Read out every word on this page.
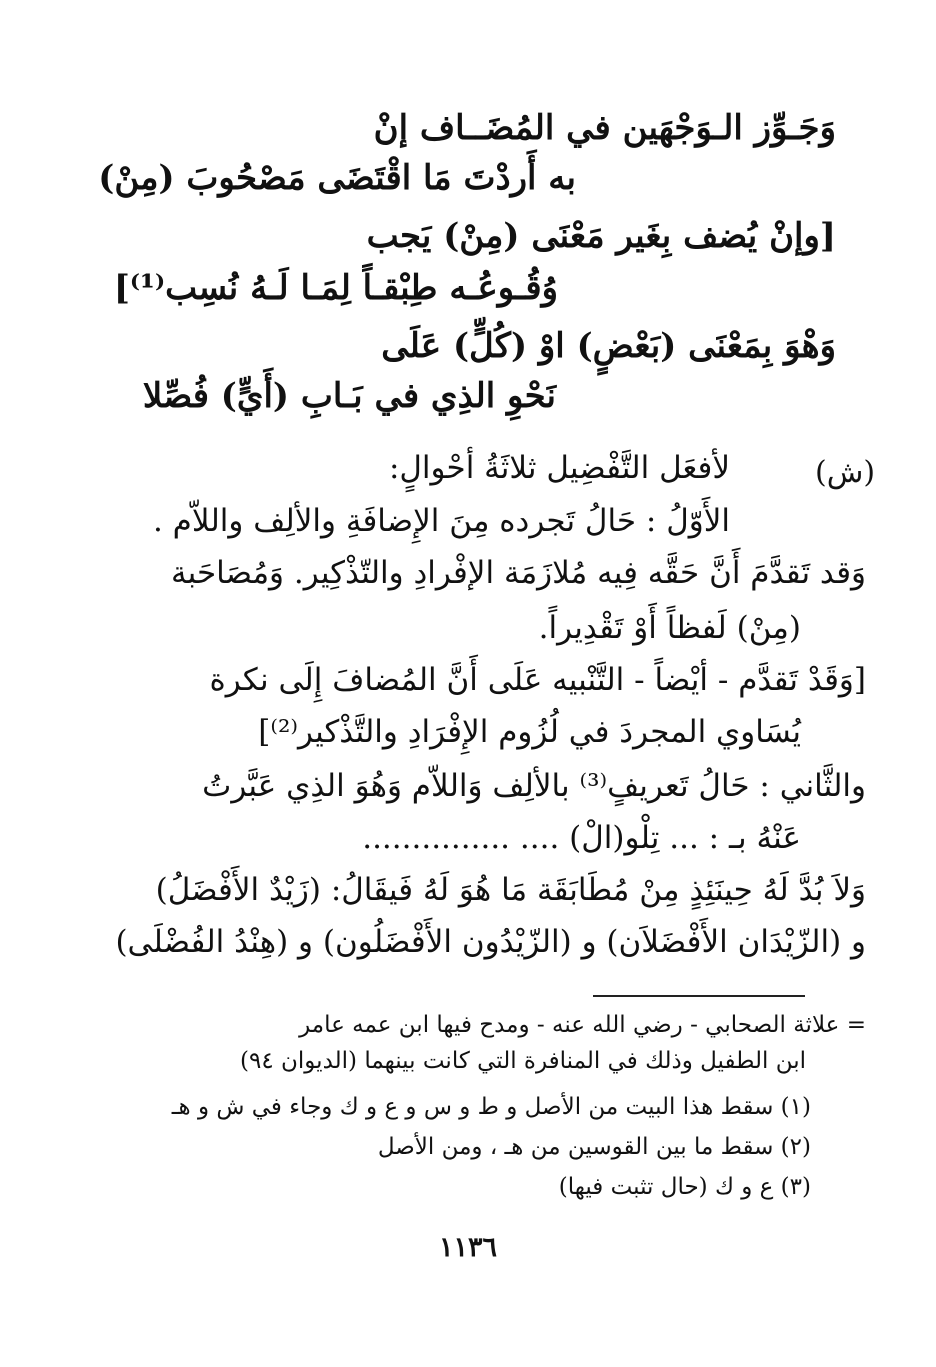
وَجَـوِّز الـوَجْهَين في المُضَــاف إنْ
به أَردْتَ مَا اقْتَضَى مَصْحُوبَ (مِنْ)
[وإنْ يُضف بِغَير مَعْنَى (مِنْ) يَجب
وُقُـوعُـه طِبْقـاً لِمَـا لَـهُ نُسِب⁽¹⁾]
وَهْوَ بِمَعْنَى (بَعْضٍ) اوْ (كُلٍّ) عَلَى
نَحْوِ الذِي في بَـابِ (أَيٍّ) فُصِّلا
(ش)
لأفعَل التَّفْضِيل ثلاثَةُ أحْوالٍ:
الأَوّلُ : حَالُ تَجرده مِنَ الإِضافَةِ والألِف واللاّم .
وَقد تَقدَّمَ أَنَّ حَقَّه فِيه مُلازَمَة الإفْرادِ والتّذْكِير. وَمُصَاحَبة
(مِنْ) لَفظاً أَوْ تَقْدِيراً.
[وَقَدْ تَقدَّم - أيْضاً - التَّنْبيه عَلَى أَنَّ المُضافَ إِلَى نكرة
يُسَاوي المجردَ في لُزُوم الإِفْرَادِ والتَّذْكير⁽²⁾]
والثَّاني : حَالُ تَعريفٍ⁽³⁾ بالألِف وَاللاّم وَهُوَ الذِي عَبَّرتُ
عَنْهُ بـ : ... تِلْو(الْ) .... ...............
وَلاَ بُدَّ لَهُ حِينَئِذٍ مِنْ مُطَابَقَة مَا هُوَ لَهُ فَيقَالُ: (زَيْدٌ الأَفْضَلُ)
و (الزّيْدَان الأَفْضَلاَن) و (الزّيْدُون الأَفْضَلُون) و (هِنْدُ الفُضْلَى)
= علاثة الصحابي - رضي الله عنه - ومدح فيها ابن عمه عامر
ابن الطفيل وذلك في المنافرة التي كانت بينهما (الديوان ٩٤)
(١) سقط هذا البيت من الأصل و ط و س و ع و ك وجاء في ش و هـ
(٢) سقط ما بين القوسين من هـ ، ومن الأصل
(٣) ع و ك (حال تثبت فيها)
١١٣٦
